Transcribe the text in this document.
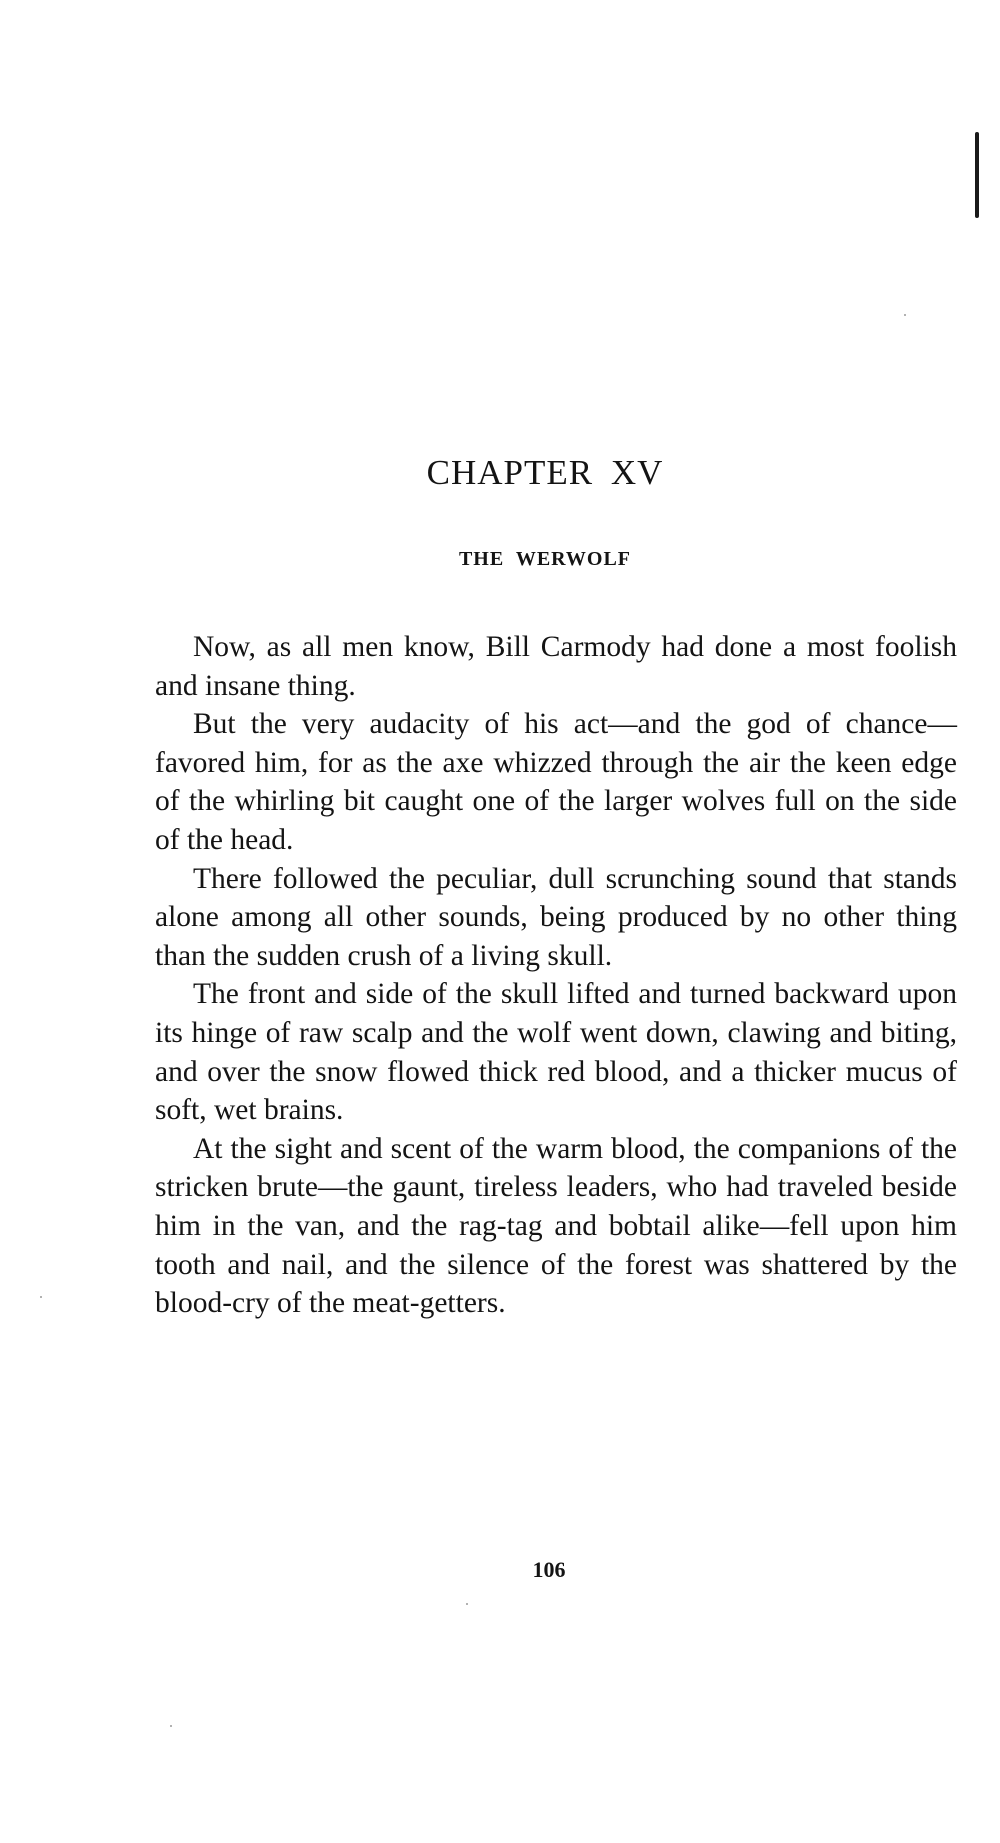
CHAPTER XV
THE WERWOLF

Now, as all men know, Bill Carmody had done a most foolish and insane thing.

But the very audacity of his act—and the god of chance—favored him, for as the axe whizzed through the air the keen edge of the whirling bit caught one of the larger wolves full on the side of the head.

There followed the peculiar, dull scrunching sound that stands alone among all other sounds, being produced by no other thing than the sudden crush of a living skull.

The front and side of the skull lifted and turned backward upon its hinge of raw scalp and the wolf went down, clawing and biting, and over the snow flowed thick red blood, and a thicker mucus of soft, wet brains.

At the sight and scent of the warm blood, the companions of the stricken brute—the gaunt, tireless leaders, who had traveled beside him in the van, and the rag-tag and bobtail alike—fell upon him tooth and nail, and the silence of the forest was shattered by the blood-cry of the meat-getters.

106
